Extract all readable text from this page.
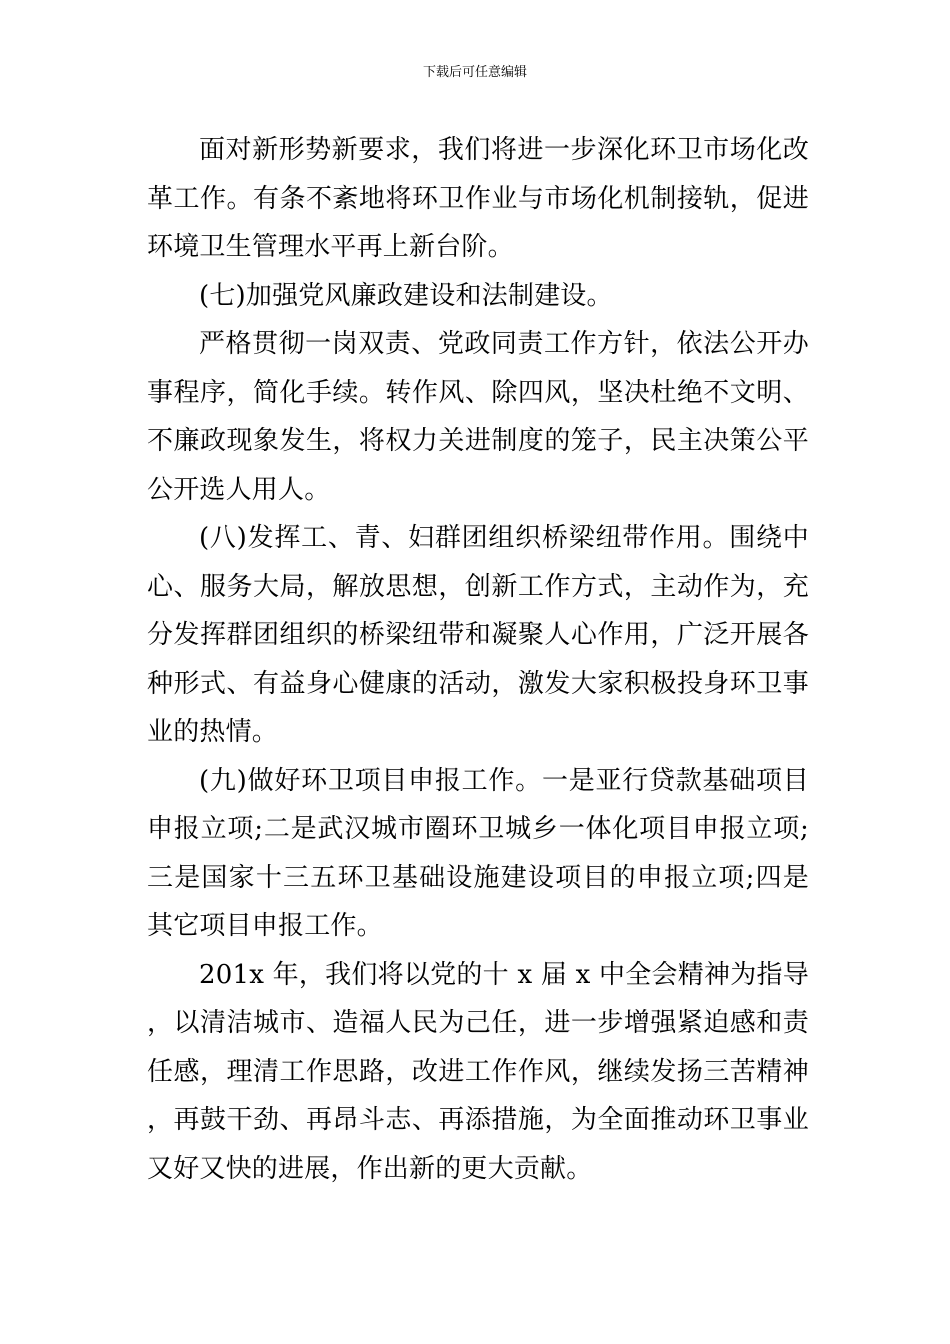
下载后可任意编辑

面对新形势新要求，我们将进一步深化环卫市场化改革工作。有条不紊地将环卫作业与市场化机制接轨，促进环境卫生管理水平再上新台阶。

(七)加强党风廉政建设和法制建设。

严格贯彻一岗双责、党政同责工作方针，依法公开办事程序，简化手续。转作风、除四风，坚决杜绝不文明、不廉政现象发生，将权力关进制度的笼子，民主决策公平公开选人用人。

(八)发挥工、青、妇群团组织桥梁纽带作用。围绕中心、服务大局，解放思想，创新工作方式，主动作为，充分发挥群团组织的桥梁纽带和凝聚人心作用，广泛开展各种形式、有益身心健康的活动，激发大家积极投身环卫事业的热情。

(九)做好环卫项目申报工作。一是亚行贷款基础项目申报立项;二是武汉城市圈环卫城乡一体化项目申报立项;三是国家十三五环卫基础设施建设项目的申报立项;四是其它项目申报工作。

201x 年，我们将以党的十 x 届 x 中全会精神为指导，以清洁城市、造福人民为己任，进一步增强紧迫感和责任感，理清工作思路，改进工作作风，继续发扬三苦精神，再鼓干劲、再昂斗志、再添措施，为全面推动环卫事业又好又快的进展，作出新的更大贡献。
